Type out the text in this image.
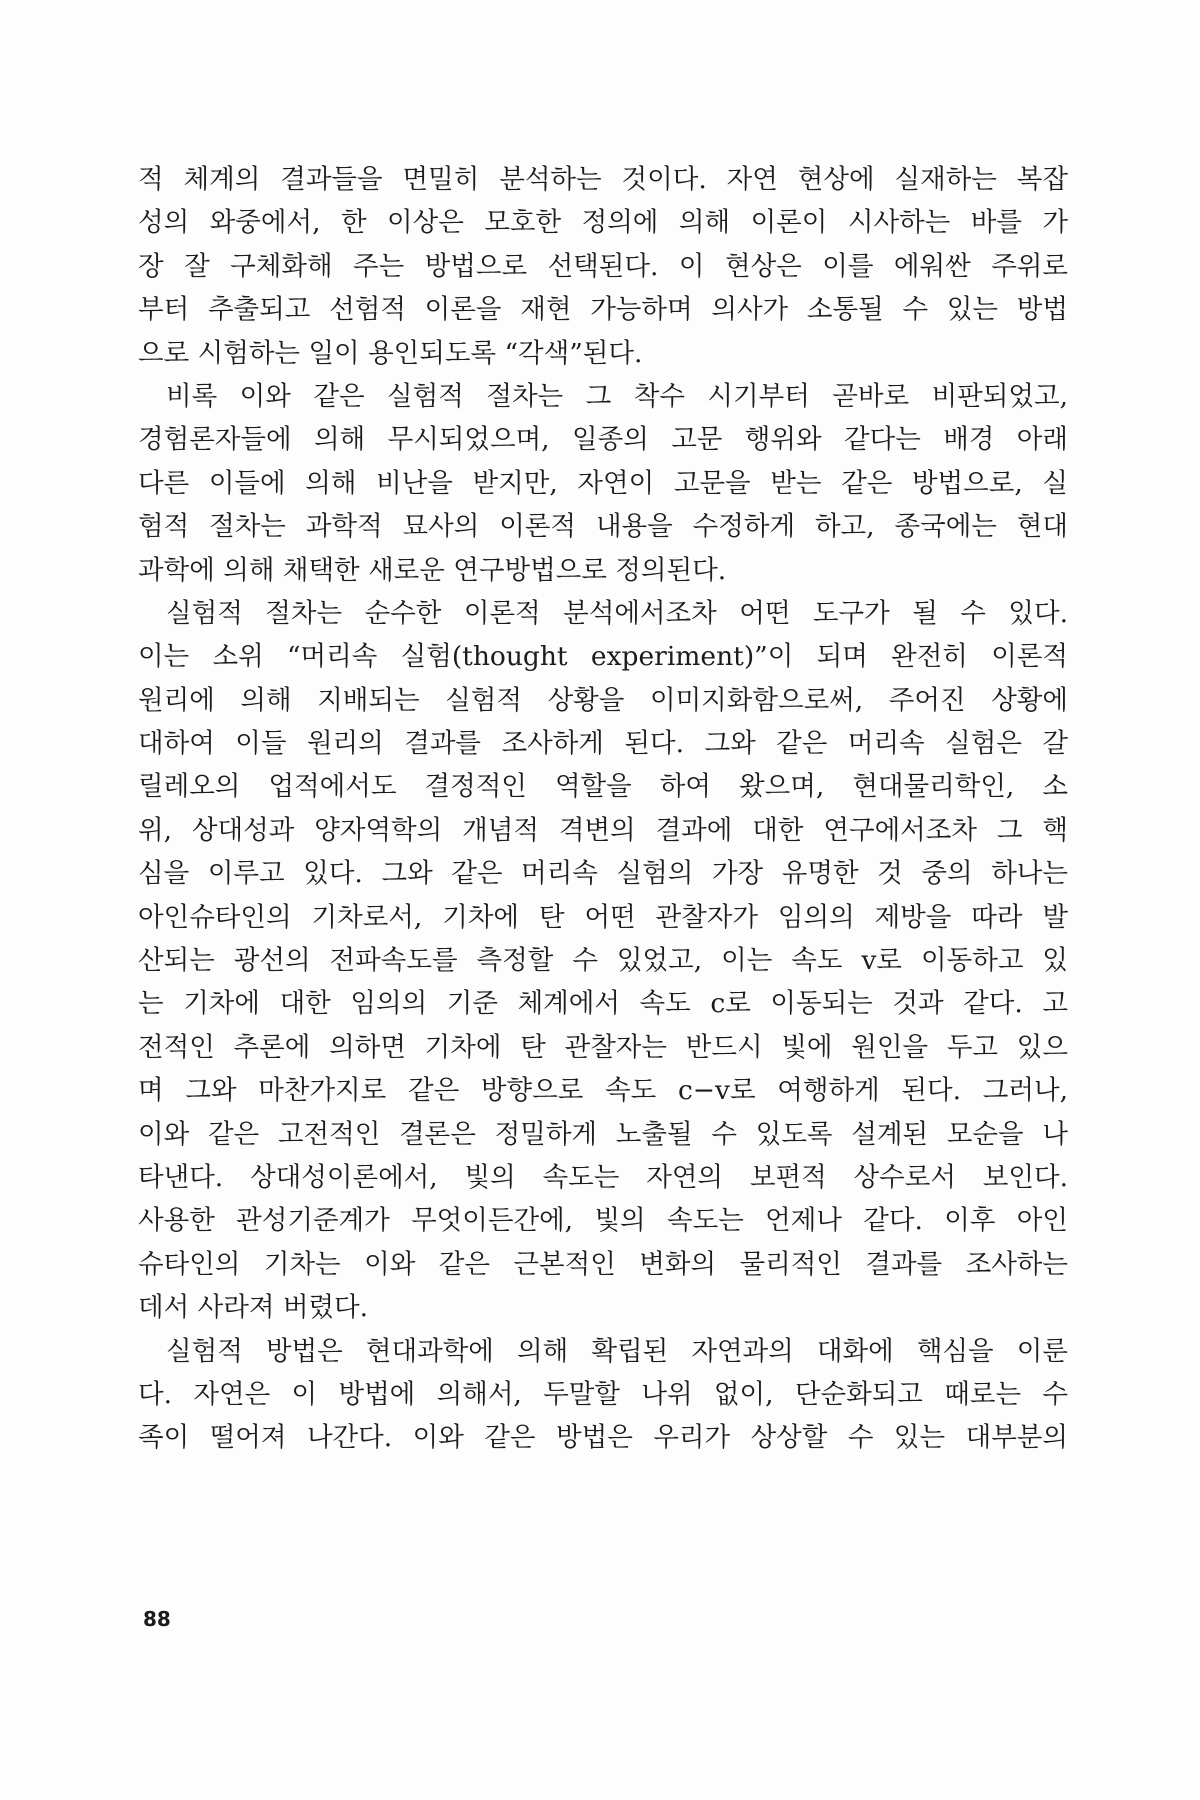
적 체계의 결과들을 면밀히 분석하는 것이다. 자연 현상에 실재하는 복잡
성의 와중에서, 한 이상은 모호한 정의에 의해 이론이 시사하는 바를 가
장 잘 구체화해 주는 방법으로 선택된다. 이 현상은 이를 에워싼 주위로
부터 추출되고 선험적 이론을 재현 가능하며 의사가 소통될 수 있는 방법
으로 시험하는 일이 용인되도록 “각색”된다.
비록 이와 같은 실험적 절차는 그 착수 시기부터 곧바로 비판되었고,
경험론자들에 의해 무시되었으며, 일종의 고문 행위와 같다는 배경 아래
다른 이들에 의해 비난을 받지만, 자연이 고문을 받는 같은 방법으로, 실
험적 절차는 과학적 묘사의 이론적 내용을 수정하게 하고, 종국에는 현대
과학에 의해 채택한 새로운 연구방법으로 정의된다.
실험적 절차는 순수한 이론적 분석에서조차 어떤 도구가 될 수 있다.
이는 소위 “머리속 실험(thought experiment)”이 되며 완전히 이론적
원리에 의해 지배되는 실험적 상황을 이미지화함으로써, 주어진 상황에
대하여 이들 원리의 결과를 조사하게 된다. 그와 같은 머리속 실험은 갈
릴레오의 업적에서도 결정적인 역할을 하여 왔으며, 현대물리학인, 소
위, 상대성과 양자역학의 개념적 격변의 결과에 대한 연구에서조차 그 핵
심을 이루고 있다. 그와 같은 머리속 실험의 가장 유명한 것 중의 하나는
아인슈타인의 기차로서, 기차에 탄 어떤 관찰자가 임의의 제방을 따라 발
산되는 광선의 전파속도를 측정할 수 있었고, 이는 속도 v로 이동하고 있
는 기차에 대한 임의의 기준 체계에서 속도 c로 이동되는 것과 같다. 고
전적인 추론에 의하면 기차에 탄 관찰자는 반드시 빛에 원인을 두고 있으
며 그와 마찬가지로 같은 방향으로 속도 c−v로 여행하게 된다. 그러나,
이와 같은 고전적인 결론은 정밀하게 노출될 수 있도록 설계된 모순을 나
타낸다. 상대성이론에서, 빛의 속도는 자연의 보편적 상수로서 보인다.
사용한 관성기준계가 무엇이든간에, 빛의 속도는 언제나 같다. 이후 아인
슈타인의 기차는 이와 같은 근본적인 변화의 물리적인 결과를 조사하는
데서 사라져 버렸다.
실험적 방법은 현대과학에 의해 확립된 자연과의 대화에 핵심을 이룬
다. 자연은 이 방법에 의해서, 두말할 나위 없이, 단순화되고 때로는 수
족이 떨어져 나간다. 이와 같은 방법은 우리가 상상할 수 있는 대부분의
88
